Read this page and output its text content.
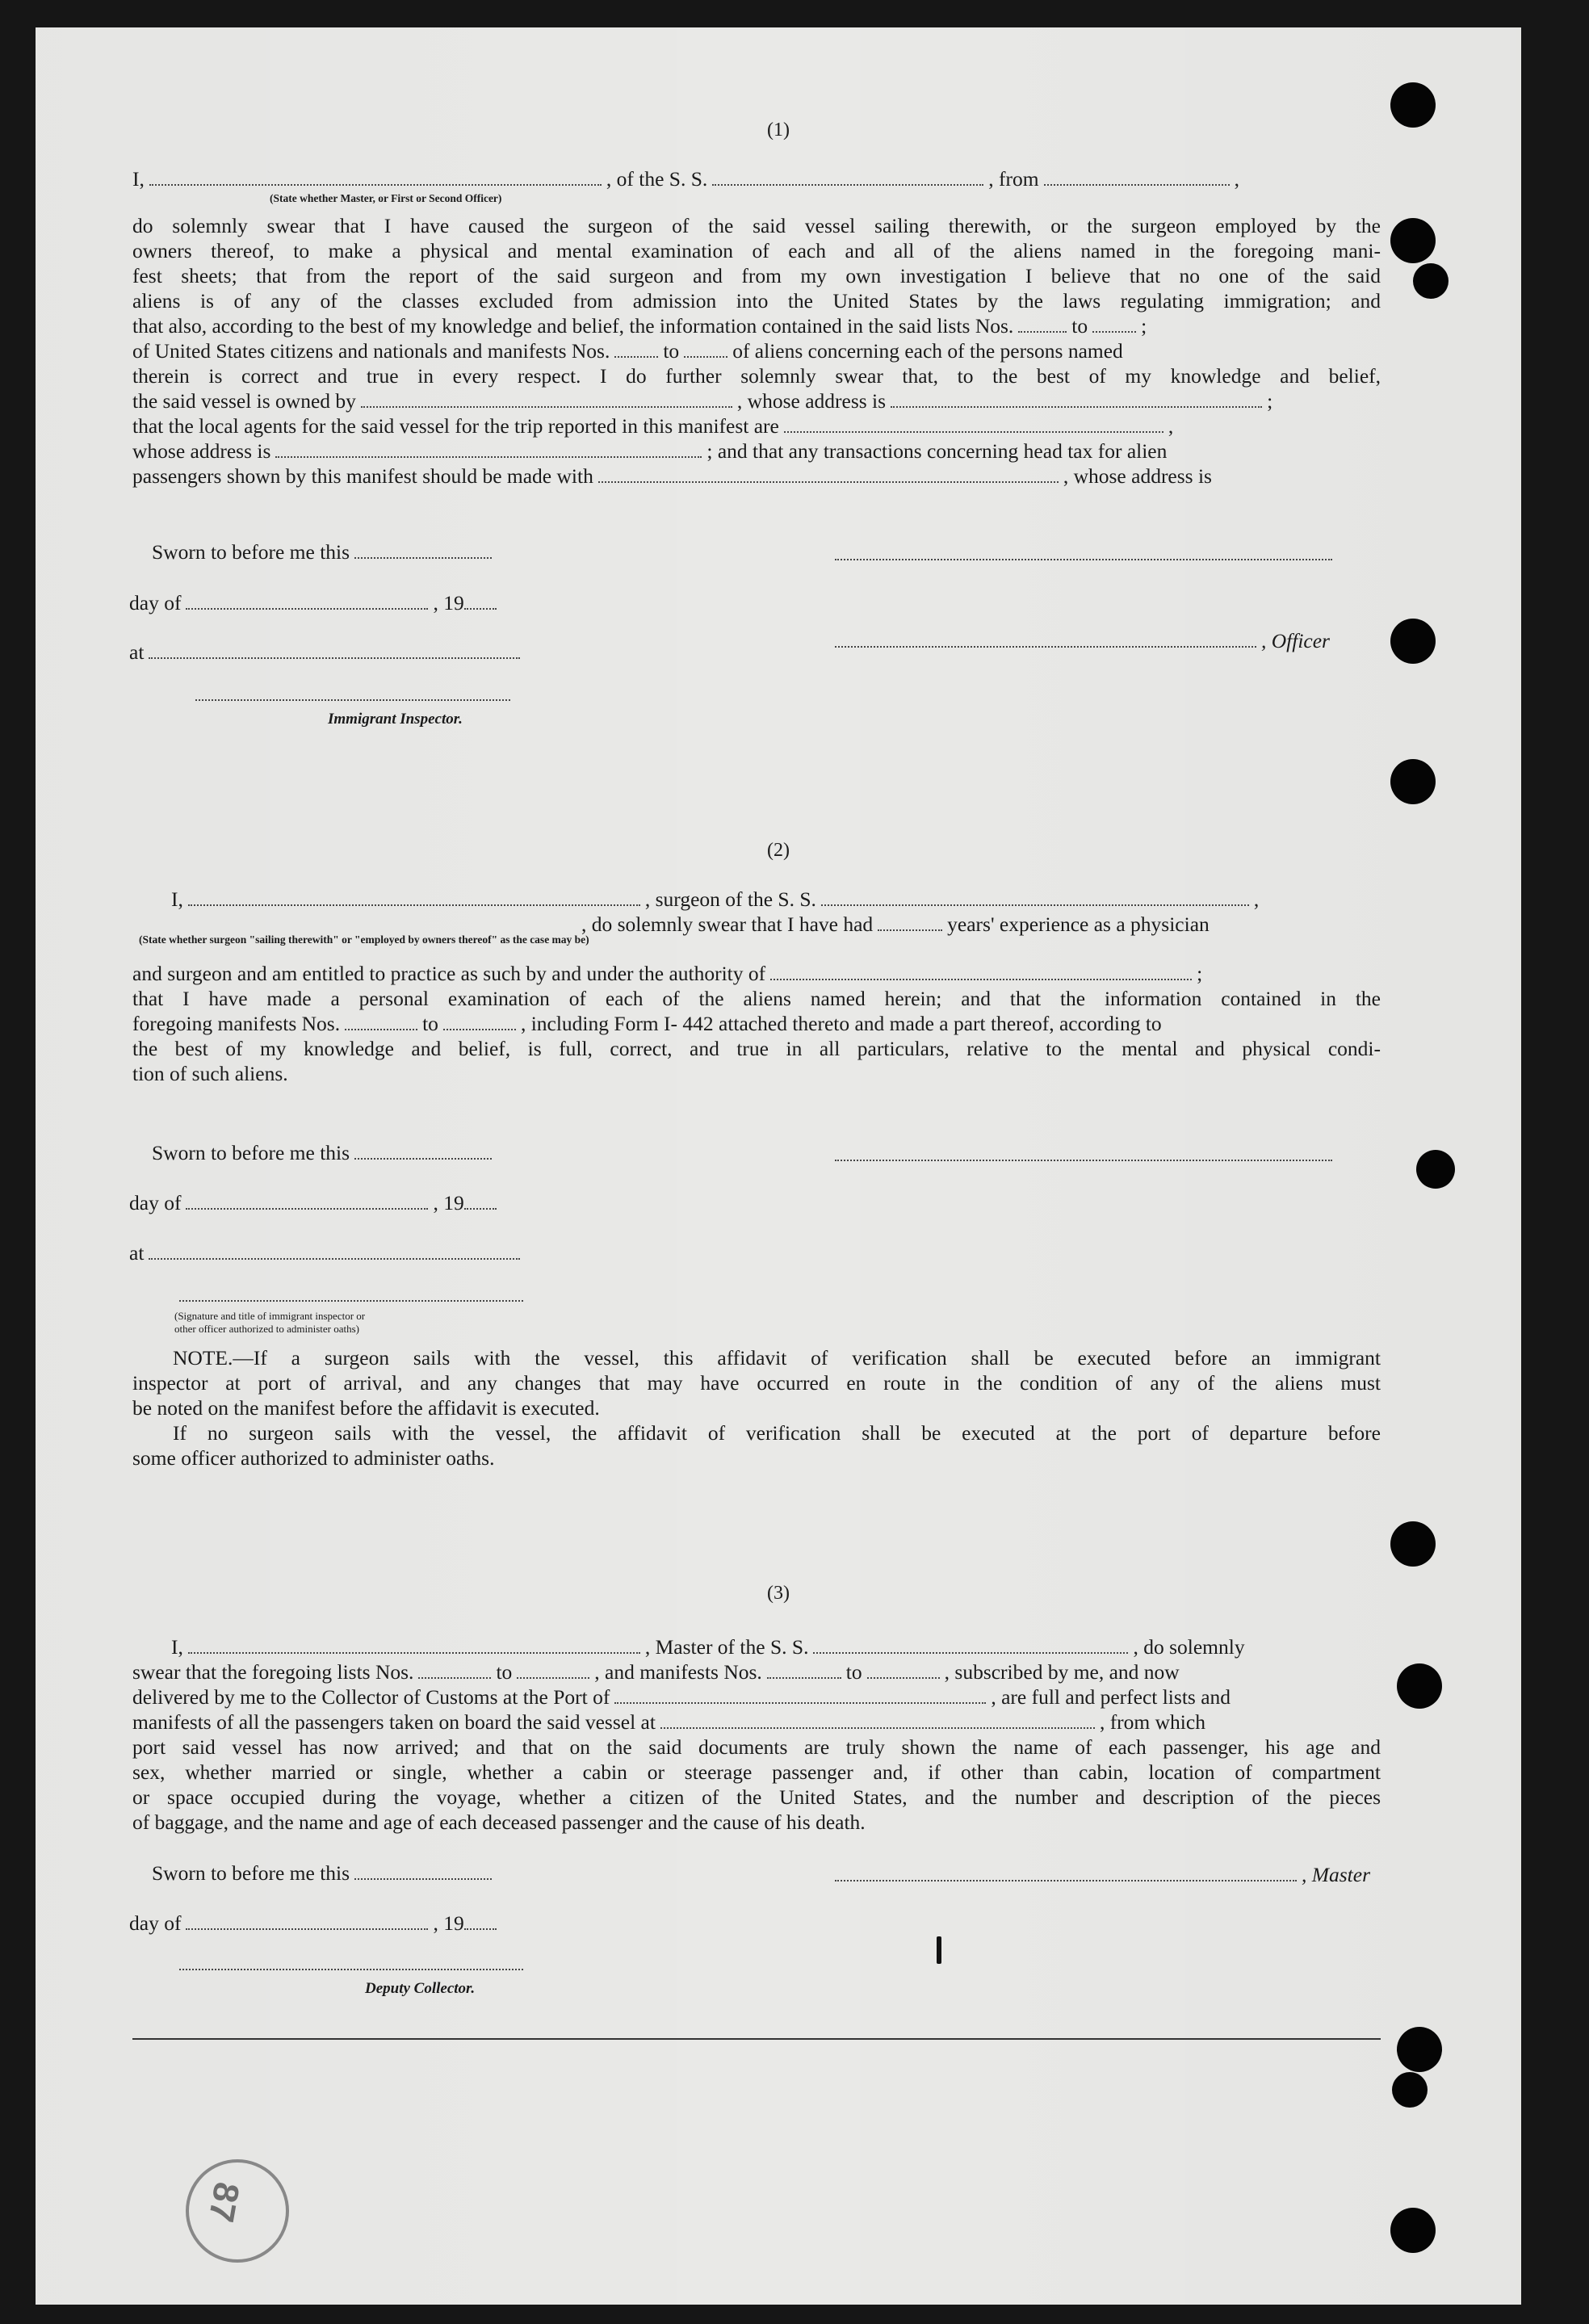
(1)
I,	, of the S. S.	, from	,
(State whether Master, or First or Second Officer)
do solemnly swear that I have caused the surgeon of the said vessel sailing therewith, or the surgeon employed by the
owners thereof, to make a physical and mental examination of each and all of the aliens named in the foregoing mani-
fest sheets; that from the report of the said surgeon and from my own investigation I believe that no one of the said
aliens is of any of the classes excluded from admission into the United States by the laws regulating immigration; and
that also, according to the best of my knowledge and belief, the information contained in the said lists Nos.	to	;
of United States citizens and nationals and manifests Nos.	to	of aliens concerning each of the persons named
therein is correct and true in every respect. I do further solemnly swear that, to the best of my knowledge and belief,
the said vessel is owned by	, whose address is	;
that the local agents for the said vessel for the trip reported in this manifest are	,
whose address is	; and that any transactions concerning head tax for alien
passengers shown by this manifest should be made with	, whose address is
Sworn to before me this
day of	, 19
at	, Officer
Immigrant Inspector.
(2)
I,	, surgeon of the S. S.	,
, do solemnly swear that I have had	years' experience as a physician
(State whether surgeon "sailing therewith" or "employed by owners thereof" as the case may be)
and surgeon and am entitled to practice as such by and under the authority of	;
that I have made a personal examination of each of the aliens named herein; and that the information contained in the
foregoing manifests Nos.	to	, including Form I- 442 attached thereto and made a part thereof, according to
the best of my knowledge and belief, is full, correct, and true in all particulars, relative to the mental and physical condi-
tion of such aliens.
Sworn to before me this
day of	, 19
at
(Signature and title of immigrant inspector or
other officer authorized to administer oaths)
NOTE.—If a surgeon sails with the vessel, this affidavit of verification shall be executed before an immigrant
inspector at port of arrival, and any changes that may have occurred en route in the condition of any of the aliens must
be noted on the manifest before the affidavit is executed.
If no surgeon sails with the vessel, the affidavit of verification shall be executed at the port of departure before
some officer authorized to administer oaths.
(3)
I,	, Master of the S. S.	, do solemnly
swear that the foregoing lists Nos.	to	, and manifests Nos.	to	, subscribed by me, and now
delivered by me to the Collector of Customs at the Port of	, are full and perfect lists and
manifests of all the passengers taken on board the said vessel at	, from which
port said vessel has now arrived; and that on the said documents are truly shown the name of each passenger, his age and
sex, whether married or single, whether a cabin or steerage passenger and, if other than cabin, location of compartment
or space occupied during the voyage, whether a citizen of the United States, and the number and description of the pieces
of baggage, and the name and age of each deceased passenger and the cause of his death.
Sworn to before me this	, Master
day of	, 19
Deputy Collector.
87
